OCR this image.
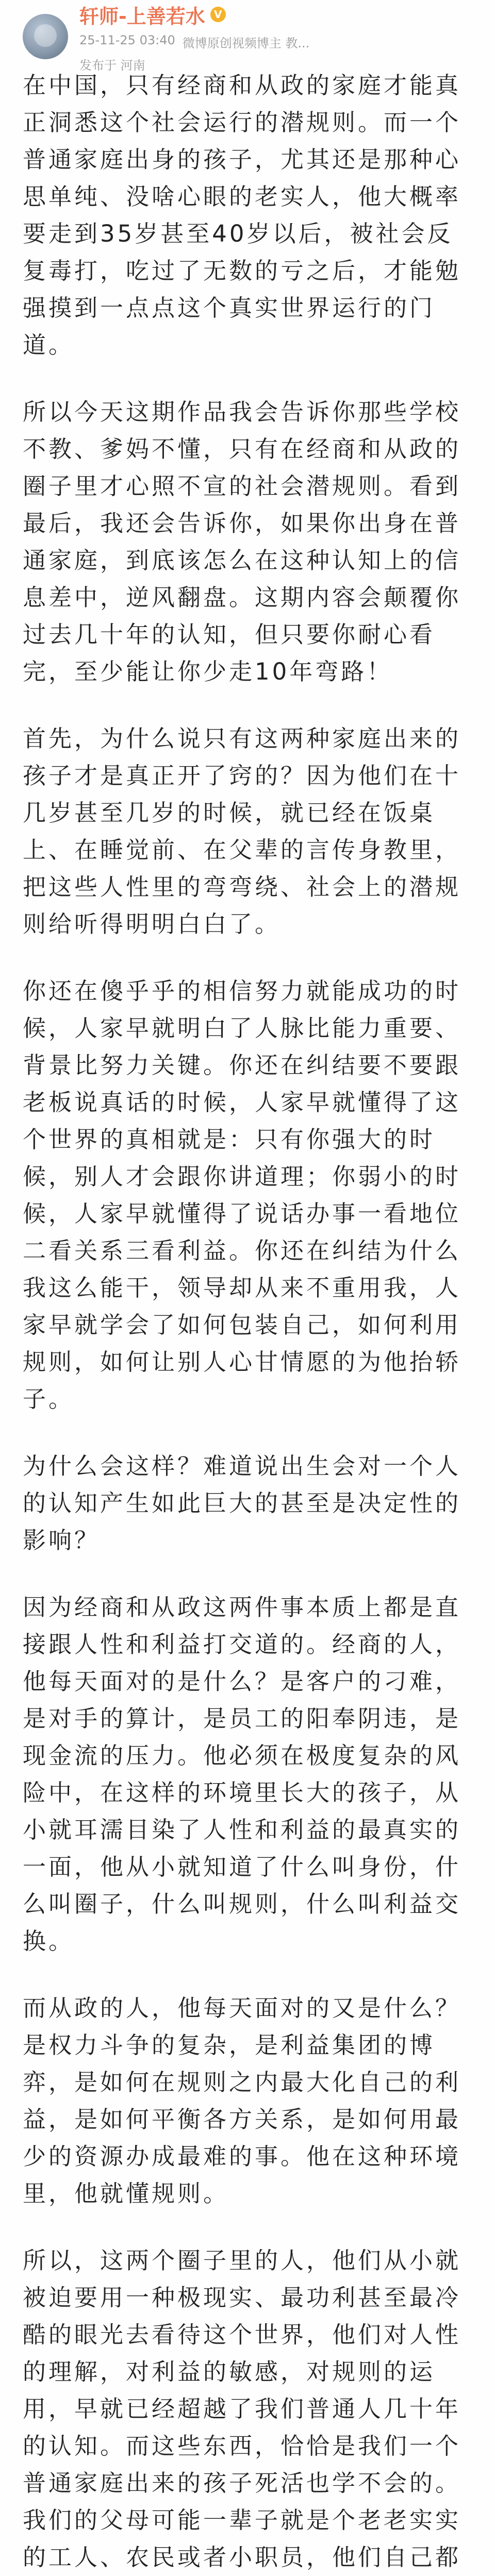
轩师-上善若水 V
25-11-25 03:40 微博原创视频博主 教...
发布于 河南

在中国，只有经商和从政的家庭才能真正洞悉这个社会运行的潜规则。而一个普通家庭出身的孩子，尤其还是那种心思单纯、没啥心眼的老实人，他大概率要走到35岁甚至40岁以后，被社会反复毒打，吃过了无数的亏之后，才能勉强摸到一点点这个真实世界运行的门道。

所以今天这期作品我会告诉你那些学校不教、爹妈不懂，只有在经商和从政的圈子里才心照不宣的社会潜规则。看到最后，我还会告诉你，如果你出身在普通家庭，到底该怎么在这种认知上的信息差中，逆风翻盘。这期内容会颠覆你过去几十年的认知，但只要你耐心看完，至少能让你少走10年弯路！

首先，为什么说只有这两种家庭出来的孩子才是真正开了窍的？因为他们在十几岁甚至几岁的时候，就已经在饭桌上、在睡觉前、在父辈的言传身教里，把这些人性里的弯弯绕、社会上的潜规则给听得明明白白了。

你还在傻乎乎的相信努力就能成功的时候，人家早就明白了人脉比能力重要、背景比努力关键。你还在纠结要不要跟老板说真话的时候，人家早就懂得了这个世界的真相就是：只有你强大的时候，别人才会跟你讲道理；你弱小的时候，人家早就懂得了说话办事一看地位二看关系三看利益。你还在纠结为什么我这么能干，领导却从来不重用我，人家早就学会了如何包装自己，如何利用规则，如何让别人心甘情愿的为他抬轿子。

为什么会这样？难道说出生会对一个人的认知产生如此巨大的甚至是决定性的影响？

因为经商和从政这两件事本质上都是直接跟人性和利益打交道的。经商的人，他每天面对的是什么？是客户的刁难，是对手的算计，是员工的阳奉阴违，是现金流的压力。他必须在极度复杂的风险中，在这样的环境里长大的孩子，从小就耳濡目染了人性和利益的最真实的一面，他从小就知道了什么叫身份，什么叫圈子，什么叫规则，什么叫利益交换。

而从政的人，他每天面对的又是什么？是权力斗争的复杂，是利益集团的博弈，是如何在规则之内最大化自己的利益，是如何平衡各方关系，是如何用最少的资源办成最难的事。他在这种环境里，他就懂规则。

所以，这两个圈子里的人，他们从小就被迫要用一种极现实、最功利甚至最冷酷的眼光去看待这个世界，他们对人性的理解，对利益的敏感，对规则的运用，早就已经超越了我们普通人几十年的认知。而这些东西，恰恰是我们一个普通家庭出来的孩子死活也学不会的。我们的父母可能一辈子就是个老老实实的工人、农民或者小职员，他们自己都
